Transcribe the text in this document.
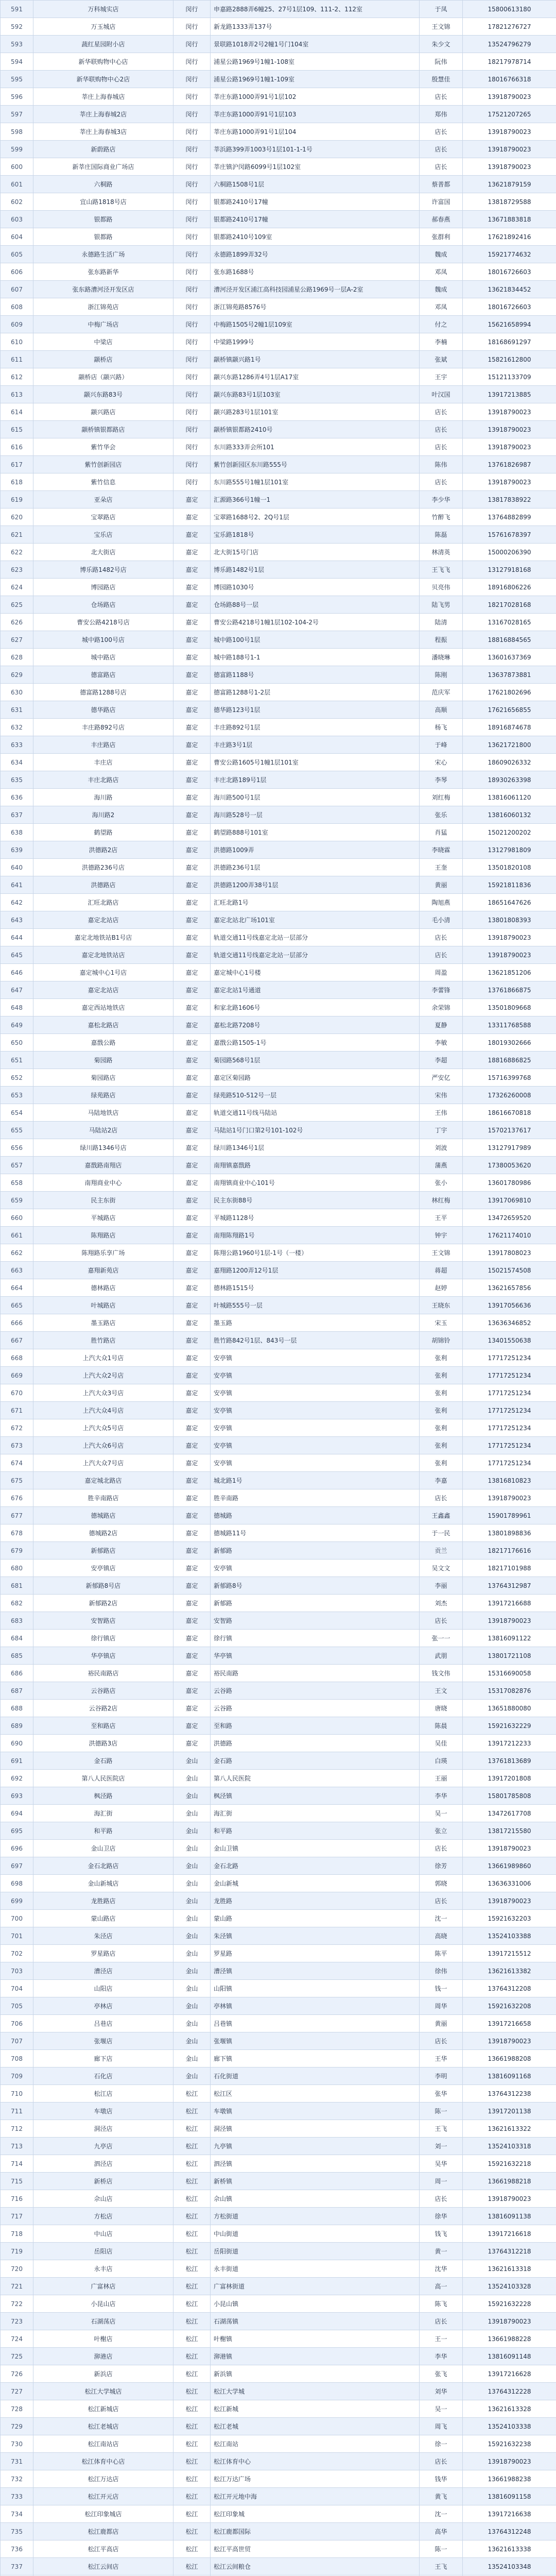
591	万科城实店	闵行	申嘉路2888弄6幢25、27号1层109、111-2、112室	于凤	15800613180
592	万玉城店	闵行	新龙路1333弄137号	王文锦	17821276727
593	蔬红星园附小店	闵行	景联路1018弄2号2幢1号门104室	朱少文	13524796279
594	新华联购物中心店	闵行	浦星公路1969号1幢1-108室	阮伟	18217978714
595	新华联购物中心2店	闵行	浦星公路1969号1幢1-109室	殷慧佳	18016766318
596	莘庄上海春城店	闵行	莘庄东路1000弄91号1层102	店长	13918790023
597	莘庄上海春城2店	闵行	莘庄东路1000弄91号1层103	郑伟	17521207265
598	莘庄上海春城3店	闵行	莘庄东路1000弄91号1层104	店长	13918790023
599	新蔚路店	闵行	莘浜路399弄1003号1层101-1-1号	店长	13918790023
600	新莘庄国际商业广场店	闵行	莘庄镇沪闵路6099号1层102室	店长	13918790023
601	六桐路	闵行	六桐路1508号1层	蔡普都	13621879159
602	宜山路1818号店	闵行	银都路2410号17幢	许富国	13818729588
603	银都路	闵行	银都路2410号17幢	郝春燕	13671883818
604	银都路	闵行	银都路2410号109室	张群利	17621892416
605	永德路生活广场	闵行	永德路1899弄32号	魏成	15921774632
606	张东路新华	闵行	张东路1688号	邓凤	18016726603
607	张东路漕河泾开发区店	闵行	漕河泾开发区浦江高科技园浦星公路1969号一层A-2室	魏成	13621834452
608	浙江锦苑店	闵行	浙江锦苑路8576号	邓凤	18016726603
609	中梅广场店	闵行	中梅路1505号2幢1层109室	付之	15621658994
610	中梁店	闵行	中梁路1999号	李楠	18168691297
611	颛桥店	闵行	颛桥镇颛兴路1号	张斌	15821612800
612	颛桥店（颛兴路）	闵行	颛兴东路1286弄4号1层A17室	王宇	15121133709
613	颛兴东路83号	闵行	颛兴东路83号1层103室	叶汉国	13917213885
614	颛兴路店	闵行	颛兴路283号1层101室	店长	13918790023
615	颛桥镇银都路店	闵行	颛桥镇银都路2410号	店长	13918790023
616	紫竹华会	闵行	东川路333弄会所101	店长	13918790023
617	紫竹创新园店	闵行	紫竹创新园区东川路555号	陈伟	13761826987
618	紫竹信息	闵行	东川路555号1幢1层101室	店长	13918790023
619	亚朵店	嘉定	汇源路366号1幢一1	李少华	13817838922
620	宝翠路店	嘉定	宝翠路1688号2、2Q号1层	竹醉飞	13764882899
621	宝乐店	嘉定	宝乐路1818号	陈磊	15761678397
622	北大街店	嘉定	北大街15号门店	林清英	15000206390
623	博乐路1482号店	嘉定	博乐路1482号1层	王飞飞	13127918168
624	博园路店	嘉定	博园路1030号	贝亮伟	18916806226
625	仓场路店	嘉定	仓场路88号一层	陆飞男	18217028168
626	曹安公路4218号店	嘉定	曹安公路4218号1幢1层102-104-2号	陆清	13167028165
627	城中路100号店	嘉定	城中路100号1层	程振	18816884565
628	城中路店	嘉定	城中路188号1-1	潘晓琳	13601637369
629	德富路店	嘉定	德富路1188号	陈刚	13637873881
630	德富路1288号店	嘉定	德富路1288号1-2层	范庆军	17621802696
631	德华路店	嘉定	德华路123号1层	高顺	17621656855
632	丰庄路892号店	嘉定	丰庄路892号1层	杨飞	18916874678
633	丰庄路店	嘉定	丰庄路3号1层	于峰	13621721800
634	丰庄店	嘉定	曹安公路1605号1幢1层101室	宋心	18609026332
635	丰庄北路店	嘉定	丰庄北路189号1层	李琴	18930263398
636	海川路	嘉定	海川路500号1层	刘红梅	13816061120
637	海川路2	嘉定	海川路528号一层	张乐	13816060132
638	鹤望路	嘉定	鹤望路888号101室	肖猛	15021200202
639	洪德路2店	嘉定	洪德路1009弄	李晓霖	13127981809
640	洪德路236号店	嘉定	洪德路236号1层	王奎	13501820108
641	洪德路店	嘉定	洪德路1200弄38号1层	黄丽	15921811836
642	汇旺北路店	嘉定	汇旺北路1号	陶旭燕	18651647626
643	嘉定北站店	嘉定	嘉定北站北广场101室	毛小清	13801808393
644	嘉定北地铁站B1号店	嘉定	轨道交通11号线嘉定北站一层部分	店长	13918790023
645	嘉定北地铁站店	嘉定	轨道交通11号线嘉定北站一层部分	店长	13918790023
646	嘉定城中心1号店	嘉定	嘉定城中心1号楼	周盈	13621851206
647	嘉定北站店	嘉定	嘉定北站1号通道	李蕾锋	13761866875
648	嘉定西站地铁店	嘉定	和家北路1606号	余荣锦	13501809668
649	嘉松北路店	嘉定	嘉松北路7208号	夏静	13311768588
650	嘉戬公路	嘉定	嘉戬公路1505-1号	李敏	18019302666
651	菊园路	嘉定	菊园路568号1层	李超	18816886825
652	菊园路店	嘉定	嘉定区菊园路	严安亿	15716399768
653	绿苑路店	嘉定	绿苑路510-512号一层	宋伟	17326260008
654	马陆地铁店	嘉定	轨道交通11号线马陆站	王伟	18616670818
655	马陆站2店	嘉定	马陆站1号门口第2号101-102号	丁宇	15702137617
656	绿川路1346号店	嘉定	绿川路1346号1层	刘波	13127917989
657	嘉戬路南翔店	嘉定	南翔镇嘉戬路	蒲燕	17380053620
658	南翔商业中心	嘉定	南翔镇商业中心101号	张小	13601780986
659	民主东街	嘉定	民主东街88号	林红梅	13917069810
660	平城路店	嘉定	平城路1128号	王平	13472659520
661	陈翔路店	嘉定	南翔陈翔路1号	钟宇	17621174010
662	陈翔路乐享广场	嘉定	陈翔公路1960号1层-1号（一楼）	王文锦	13917808023
663	嘉翔新苑店	嘉定	嘉翔路1200弄12号1层	蒋超	15021574508
664	德林路店	嘉定	德林路1515号	赵婷	13621657856
665	叶城路店	嘉定	叶城路555号一层	王晓东	13917056636
666	墨玉路店	嘉定	墨玉路	宋玉	13636346852
667	胜竹路店	嘉定	胜竹路842号1层、843号一层	胡锦铃	13401550638
668	上汽大众1号店	嘉定	安亭镇	张利	17717251234
669	上汽大众2号店	嘉定	安亭镇	张利	17717251234
670	上汽大众3号店	嘉定	安亭镇	张利	17717251234
671	上汽大众4号店	嘉定	安亭镇	张利	17717251234
672	上汽大众5号店	嘉定	安亭镇	张利	17717251234
673	上汽大众6号店	嘉定	安亭镇	张利	17717251234
674	上汽大众7号店	嘉定	安亭镇	张利	17717251234
675	嘉定城北路店	嘉定	城北路1号	李嘉	13816810823
676	胜辛南路店	嘉定	胜辛南路	店长	13918790023
677	德城路店	嘉定	德城路	王鑫鑫	15901789961
678	德城路2店	嘉定	德城路11号	于一民	13801898836
679	新郁路店	嘉定	新郁路	贡兰	18217176616
680	安亭镇店	嘉定	安亭镇	吴文文	18217101988
681	新郁路8号店	嘉定	新郁路8号	李丽	13764312987
682	新郁路2店	嘉定	新郁路	刘杰	13917216688
683	安智路店	嘉定	安智路	店长	13918790023
684	徐行镇店	嘉定	徐行镇	张一一	13816091122
685	华亭镇店	嘉定	华亭镇	武朋	13801721108
686	裕民南路店	嘉定	裕民南路	钱文伟	15316690058
687	云谷路店	嘉定	云谷路	王文	15317082876
688	云谷路2店	嘉定	云谷路	唐晓	13651880080
689	至和路店	嘉定	至和路	陈晨	15921632229
690	洪德路3店	嘉定	洪德路	吴佳	13917212233
691	金石路	金山	金石路	白瑛	13761813689
692	第八人民医院店	金山	第八人民医院	王丽	13917201808
693	枫泾路	金山	枫泾镇	李华	15801785808
694	海汇街	金山	海汇街	吴一	13472617708
695	和平路	金山	和平路	张立	13817215580
696	金山卫店	金山	金山卫镇	店长	13918790023
697	金石北路店	金山	金石北路	徐芳	13661989860
698	金山新城店	金山	金山新城	郭晓	13636331006
699	龙胜路店	金山	龙胜路	店长	13918790023
700	蒙山路店	金山	蒙山路	沈一	15921632203
701	朱泾店	金山	朱泾镇	高晓	13524103388
702	罗星路店	金山	罗星路	陈平	13917215512
703	漕泾店	金山	漕泾镇	徐伟	13621613382
704	山阳店	金山	山阳镇	钱一	13764312208
705	亭林店	金山	亭林镇	周华	15921632208
706	吕巷店	金山	吕巷镇	黄丽	13917216658
707	张堰店	金山	张堰镇	店长	13918790023
708	廊下店	金山	廊下镇	王华	13661988208
709	石化店	金山	石化街道	李明	13816091168
710	松江店	松江	松江区	张华	13764312238
711	车墩店	松江	车墩镇	陈一	13917201138
712	洞泾店	松江	洞泾镇	王飞	13621613322
713	九亭店	松江	九亭镇	刘一	13524103318
714	泗泾店	松江	泗泾镇	吴华	15921632218
715	新桥店	松江	新桥镇	周一	13661988218
716	佘山店	松江	佘山镇	店长	13918790023
717	方松店	松江	方松街道	徐华	13816091138
718	中山店	松江	中山街道	钱飞	13917216618
719	岳阳店	松江	岳阳街道	黄一	13764312218
720	永丰店	松江	永丰街道	沈华	13621613318
721	广富林店	松江	广富林街道	高一	13524103328
722	小昆山店	松江	小昆山镇	陈飞	15921632228
723	石湖荡店	松江	石湖荡镇	店长	13918790023
724	叶榭店	松江	叶榭镇	王一	13661988228
725	泖港店	松江	泖港镇	李华	13816091148
726	新浜店	松江	新浜镇	张飞	13917216628
727	松江大学城店	松江	松江大学城	刘华	13764312228
728	松江新城店	松江	松江新城	吴一	13621613328
729	松江老城店	松江	松江老城	周飞	13524103338
730	松江南站店	松江	松江南站	徐一	15921632238
731	松江体育中心店	松江	松江体育中心	店长	13918790023
732	松江万达店	松江	松江万达广场	钱华	13661988238
733	松江开元店	松江	松江开元地中海	黄飞	13816091158
734	松江印象城店	松江	松江印象城	沈一	13917216638
735	松江鹿都店	松江	松江鹿都国际	高华	13764312248
736	松江平高店	松江	松江平高世贸	陈一	13621613338
737	松江云间店	松江	松江云间粮仓	王飞	13524103348
